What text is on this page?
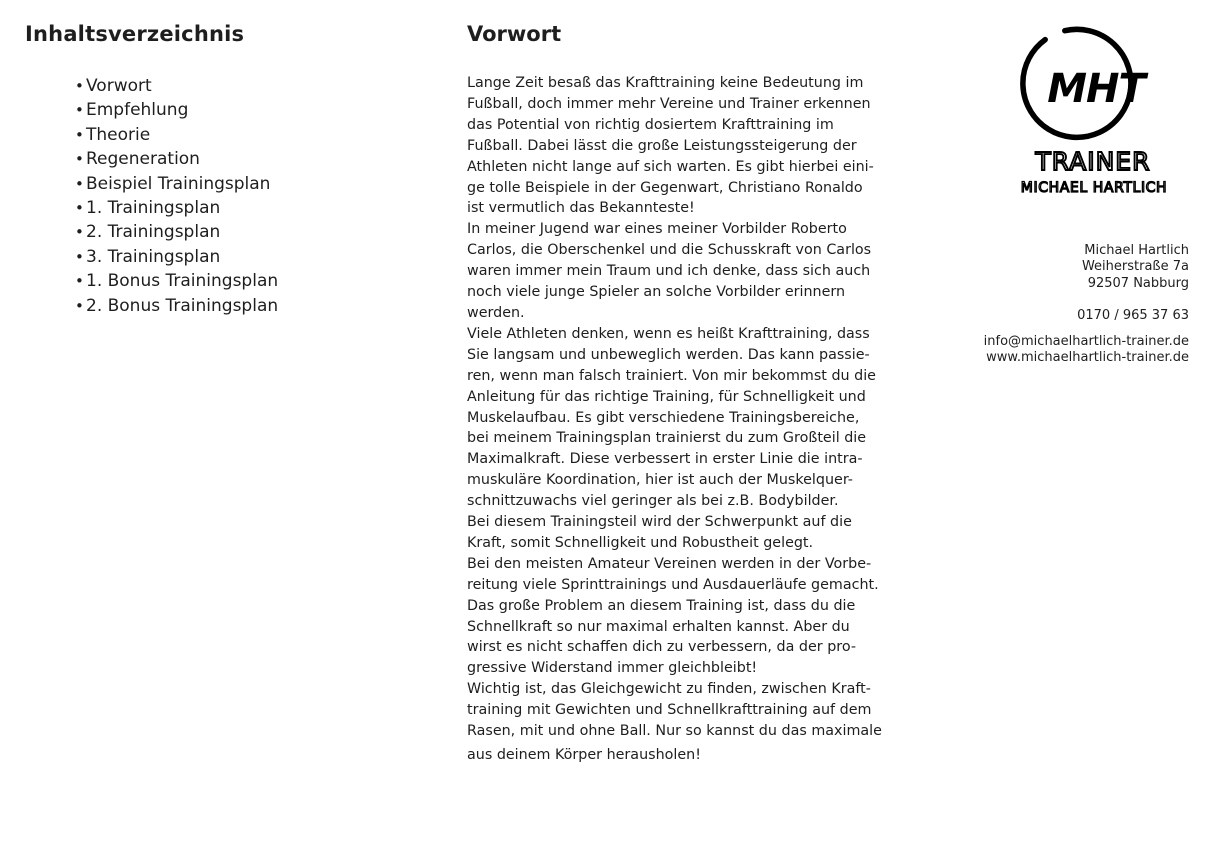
Inhaltsverzeichnis
• Vorwort
• Empfehlung
• Theorie
• Regeneration
• Beispiel Trainingsplan
• 1. Trainingsplan
• 2. Trainingsplan
• 3. Trainingsplan
• 1. Bonus Trainingsplan
• 2. Bonus Trainingsplan
Vorwort
Lange Zeit besaß das Krafttraining keine Bedeutung im
Fußball, doch immer mehr Vereine und Trainer erkennen
das Potential von richtig dosiertem Krafttraining im
Fußball. Dabei lässt die große Leistungssteigerung der
Athleten nicht lange auf sich warten. Es gibt hierbei eini-
ge tolle Beispiele in der Gegenwart, Christiano Ronaldo
ist vermutlich das Bekannteste!
In meiner Jugend war eines meiner Vorbilder Roberto
Carlos, die Oberschenkel und die Schusskraft von Carlos
waren immer mein Traum und ich denke, dass sich auch
noch viele junge Spieler an solche Vorbilder erinnern
werden.
Viele Athleten denken, wenn es heißt Krafttraining, dass
Sie langsam und unbeweglich werden. Das kann passie-
ren, wenn man falsch trainiert. Von mir bekommst du die
Anleitung für das richtige Training, für Schnelligkeit und
Muskelaufbau. Es gibt verschiedene Trainingsbereiche,
bei meinem Trainingsplan trainierst du zum Großteil die
Maximalkraft. Diese verbessert in erster Linie die intra-
muskuläre Koordination, hier ist auch der Muskelquer-
schnittzuwachs viel geringer als bei z.B. Bodybilder.
Bei diesem Trainingsteil wird der Schwerpunkt auf die
Kraft, somit Schnelligkeit und Robustheit gelegt.
Bei den meisten Amateur Vereinen werden in der Vorbe-
reitung viele Sprinttrainings und Ausdauerläufe gemacht.
Das große Problem an diesem Training ist, dass du die
Schnellkraft so nur maximal erhalten kannst. Aber du
wirst es nicht schaffen dich zu verbessern, da der pro-
gressive Widerstand immer gleichbleibt!
Wichtig ist, das Gleichgewicht zu finden, zwischen Kraft-
training mit Gewichten und Schnellkrafttraining auf dem
Rasen, mit und ohne Ball. Nur so kannst du das maximale
aus deinem Körper herausholen!
MHT
TRAINER
MICHAEL HARTLICH
Michael Hartlich
Weiherstraße 7a
92507 Nabburg
0170 / 965 37 63
info@michaelhartlich-trainer.de
www.michaelhartlich-trainer.de
